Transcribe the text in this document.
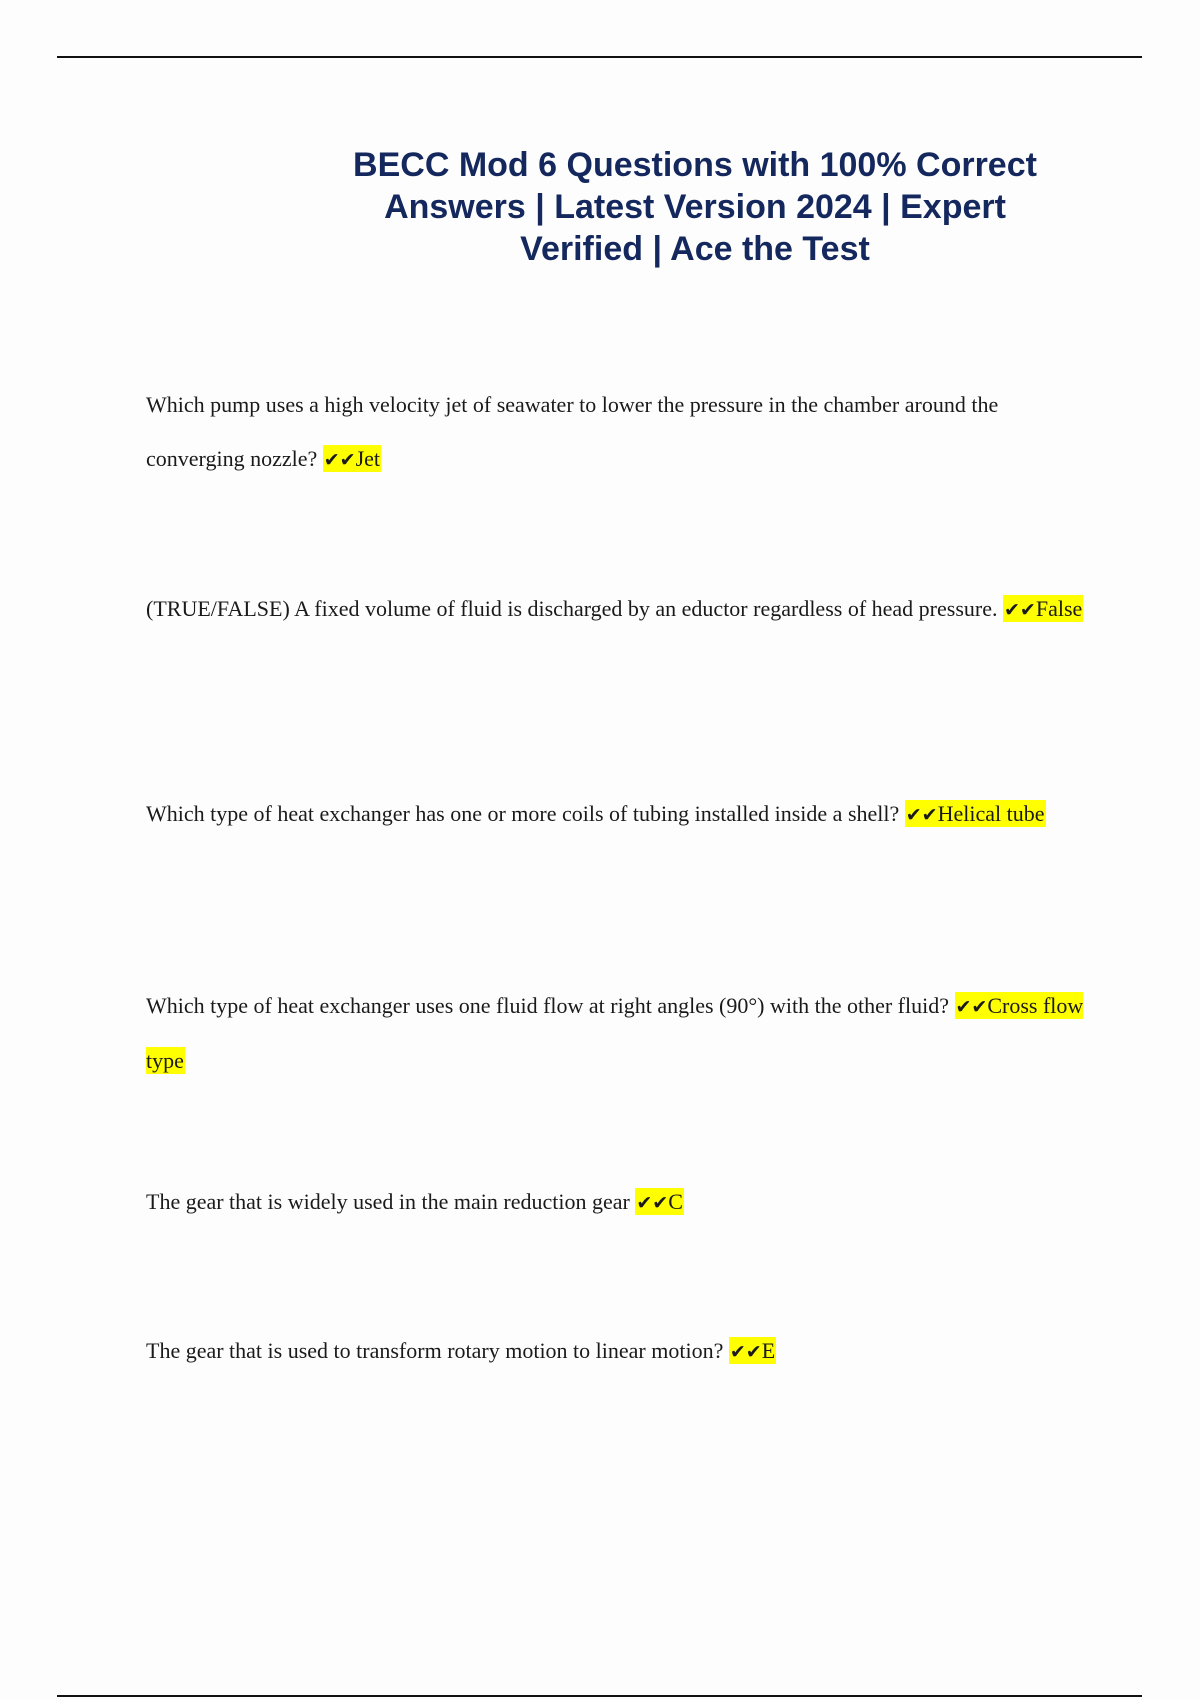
BECC Mod 6 Questions with 100% Correct Answers | Latest Version 2024 | Expert Verified | Ace the Test
Which pump uses a high velocity jet of seawater to lower the pressure in the chamber around the converging nozzle? ✔✔Jet
(TRUE/FALSE) A fixed volume of fluid is discharged by an eductor regardless of head pressure. ✔✔False
Which type of heat exchanger has one or more coils of tubing installed inside a shell? ✔✔Helical tube
Which type of heat exchanger uses one fluid flow at right angles (90°) with the other fluid? ✔✔Cross flow type
The gear that is widely used in the main reduction gear ✔✔C
The gear that is used to transform rotary motion to linear motion? ✔✔E
